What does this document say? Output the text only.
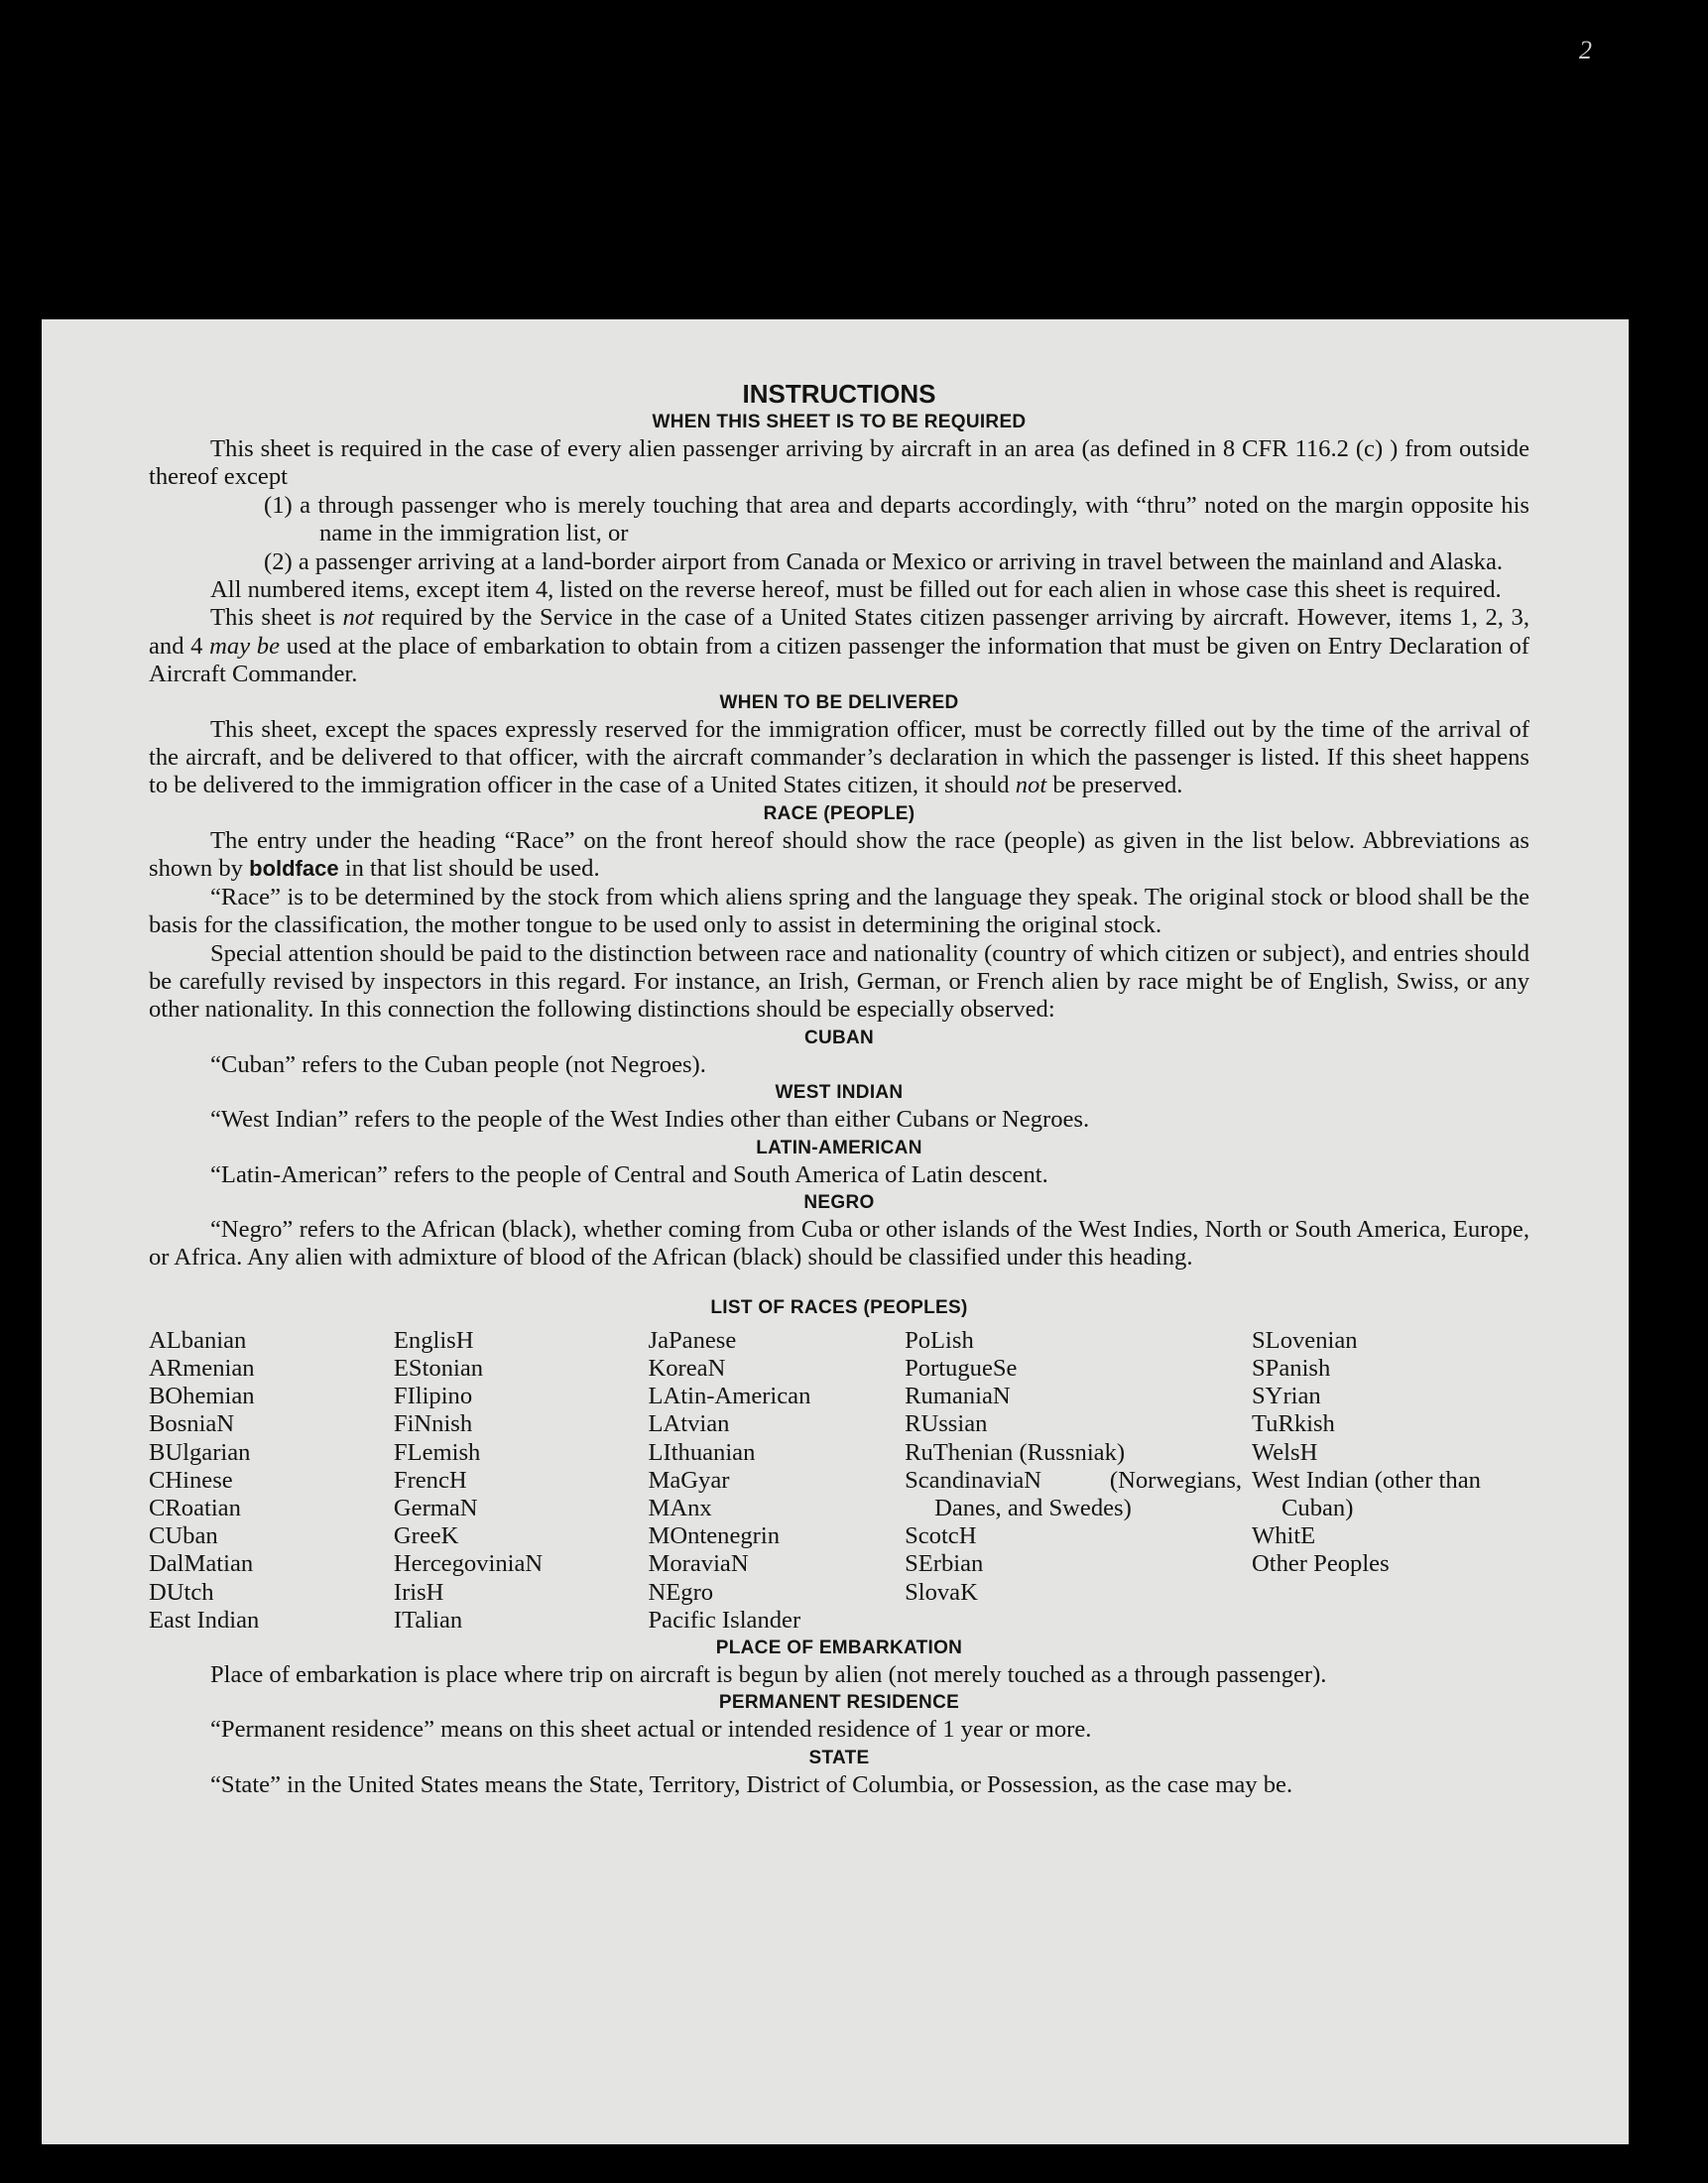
2
INSTRUCTIONS
WHEN THIS SHEET IS TO BE REQUIRED

This sheet is required in the case of every alien passenger arriving by aircraft in an area (as defined in 8 CFR 116.2 (c) ) from outside thereof except

(1) a through passenger who is merely touching that area and departs accordingly, with “thru” noted on the margin opposite his name in the immigration list, or

(2) a passenger arriving at a land-border airport from Canada or Mexico or arriving in travel between the mainland and Alaska.

All numbered items, except item 4, listed on the reverse hereof, must be filled out for each alien in whose case this sheet is required.

This sheet is not required by the Service in the case of a United States citizen passenger arriving by aircraft. However, items 1, 2, 3, and 4 may be used at the place of embarkation to obtain from a citizen passenger the information that must be given on Entry Declaration of Aircraft Commander.

WHEN TO BE DELIVERED

This sheet, except the spaces expressly reserved for the immigration officer, must be correctly filled out by the time of the arrival of the aircraft, and be delivered to that officer, with the aircraft commander’s declaration in which the passenger is listed. If this sheet happens to be delivered to the immigration officer in the case of a United States citizen, it should not be preserved.

RACE (PEOPLE)

The entry under the heading “Race” on the front hereof should show the race (people) as given in the list below. Abbreviations as shown by boldface in that list should be used.

“Race” is to be determined by the stock from which aliens spring and the language they speak. The original stock or blood shall be the basis for the classification, the mother tongue to be used only to assist in determining the original stock.

Special attention should be paid to the distinction between race and nationality (country of which citizen or subject), and entries should be carefully revised by inspectors in this regard. For instance, an Irish, German, or French alien by race might be of English, Swiss, or any other nationality. In this connection the following distinctions should be especially observed:

CUBAN

“Cuban” refers to the Cuban people (not Negroes).

WEST INDIAN

“West Indian” refers to the people of the West Indies other than either Cubans or Negroes.

LATIN-AMERICAN

“Latin-American” refers to the people of Central and South America of Latin descent.

NEGRO

“Negro” refers to the African (black), whether coming from Cuba or other islands of the West Indies, North or South America, Europe, or Africa. Any alien with admixture of blood of the African (black) should be classified under this heading.

LIST OF RACES (PEOPLES)
ALbanian
ARmenian
BOhemian
BosniaN
BUlgarian
CHinese
CRoatian
CUban
DalMatian
DUtch
East Indian
EnglisH
EStonian
FIlipino
FiNnish
FLemish
FrencH
GermaN
GreeK
HercegoviniaN
IrisH
ITalian
JaPanese
KoreaN
LAtin-American
LAtvian
LIthuanian
MaGyar
MAnx
MOntenegrin
MoraviaN
NEgro
Pacific Islander
PoLish
PortugueSe
RumaniaN
RUssian
RuThenian (Russniak)
ScandinaviaN (Norwegians, Danes, and Swedes)
ScotcH
SErbian
SlovaK
SLovenian
SPanish
SYrian
TuRkish
WelsH
West Indian (other than Cuban)
WhitE
Other Peoples
PLACE OF EMBARKATION

Place of embarkation is place where trip on aircraft is begun by alien (not merely touched as a through passenger).

PERMANENT RESIDENCE

“Permanent residence” means on this sheet actual or intended residence of 1 year or more.

STATE

“State” in the United States means the State, Territory, District of Columbia, or Possession, as the case may be.
